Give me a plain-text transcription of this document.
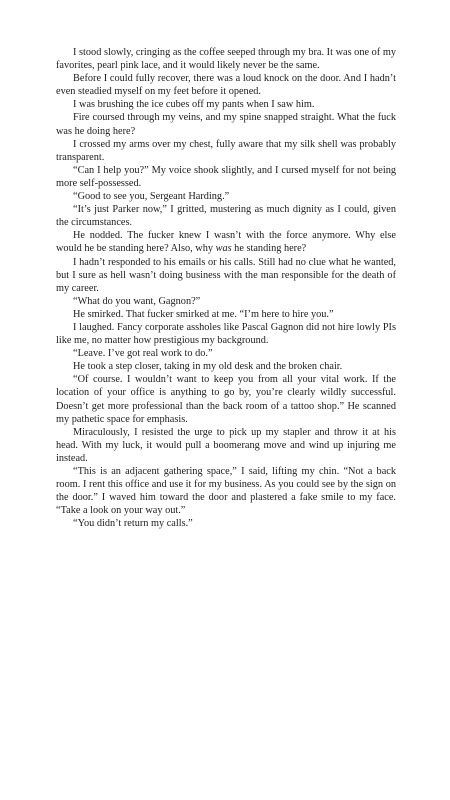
I stood slowly, cringing as the coffee seeped through my bra. It was one of my favorites, pearl pink lace, and it would likely never be the same.

Before I could fully recover, there was a loud knock on the door. And I hadn’t even steadied myself on my feet before it opened.

I was brushing the ice cubes off my pants when I saw him.

Fire coursed through my veins, and my spine snapped straight. What the fuck was he doing here?

I crossed my arms over my chest, fully aware that my silk shell was probably transparent.

“Can I help you?” My voice shook slightly, and I cursed myself for not being more self-possessed.

“Good to see you, Sergeant Harding.”

“It’s just Parker now,” I gritted, mustering as much dignity as I could, given the circumstances.

He nodded. The fucker knew I wasn’t with the force anymore. Why else would he be standing here? Also, why was he standing here?

I hadn’t responded to his emails or his calls. Still had no clue what he wanted, but I sure as hell wasn’t doing business with the man responsible for the death of my career.

“What do you want, Gagnon?”

He smirked. That fucker smirked at me. “I’m here to hire you.”

I laughed. Fancy corporate assholes like Pascal Gagnon did not hire lowly PIs like me, no matter how prestigious my background.

“Leave. I’ve got real work to do.”

He took a step closer, taking in my old desk and the broken chair.

“Of course. I wouldn’t want to keep you from all your vital work. If the location of your office is anything to go by, you’re clearly wildly successful. Doesn’t get more professional than the back room of a tattoo shop.” He scanned my pathetic space for emphasis.

Miraculously, I resisted the urge to pick up my stapler and throw it at his head. With my luck, it would pull a boomerang move and wind up injuring me instead.

“This is an adjacent gathering space,” I said, lifting my chin. “Not a back room. I rent this office and use it for my business. As you could see by the sign on the door.” I waved him toward the door and plastered a fake smile to my face. “Take a look on your way out.”

“You didn’t return my calls.”
